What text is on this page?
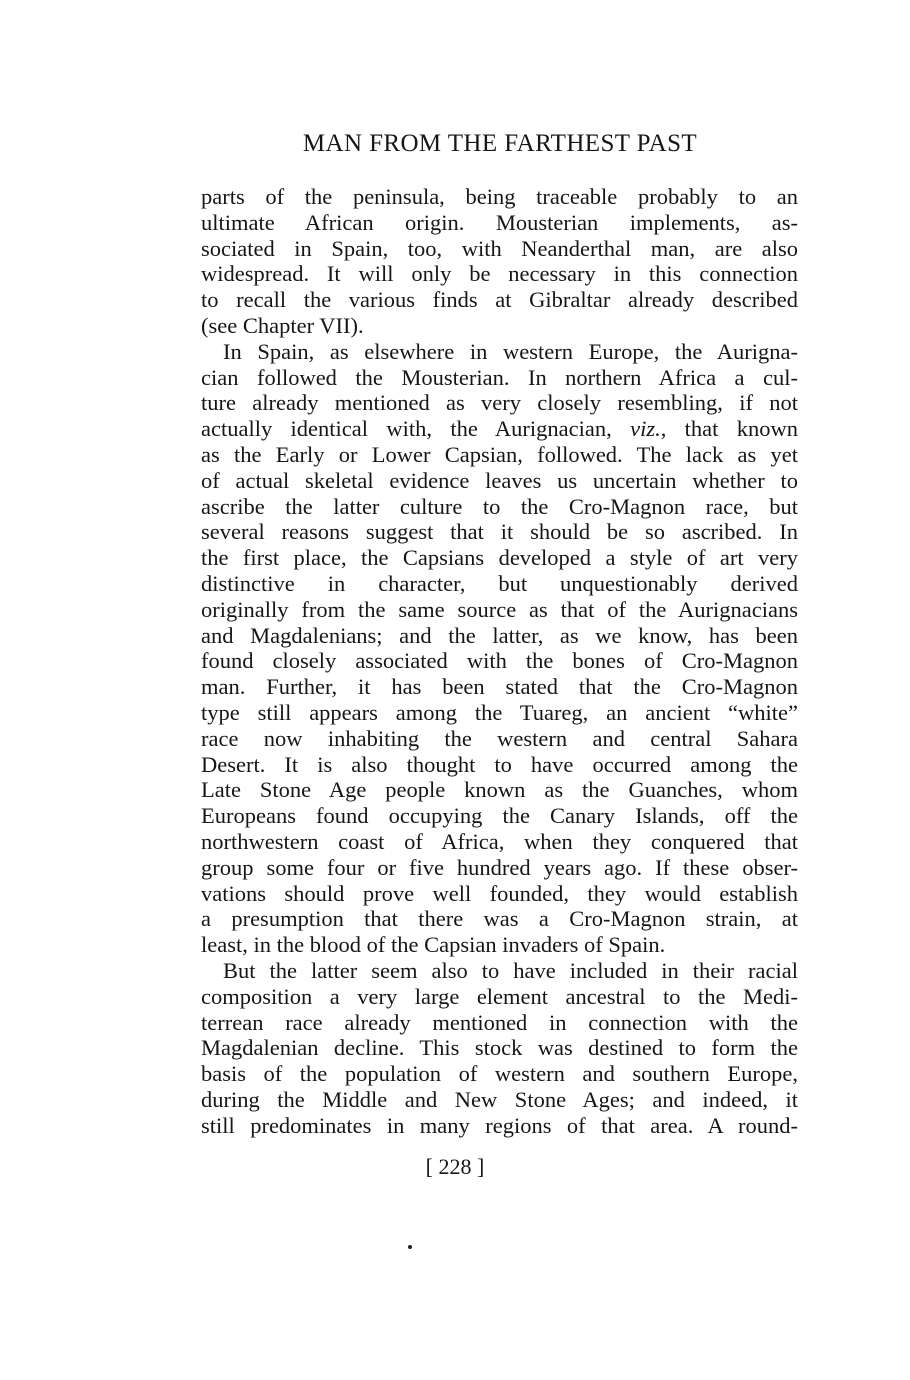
MAN FROM THE FARTHEST PAST

parts of the peninsula, being traceable probably to an
ultimate African origin. Mousterian implements, as-
sociated in Spain, too, with Neanderthal man, are also
widespread. It will only be necessary in this connection
to recall the various finds at Gibraltar already described
(see Chapter VII).

In Spain, as elsewhere in western Europe, the Aurigna-
cian followed the Mousterian. In northern Africa a cul-
ture already mentioned as very closely resembling, if not
actually identical with, the Aurignacian, viz., that known
as the Early or Lower Capsian, followed. The lack as yet
of actual skeletal evidence leaves us uncertain whether to
ascribe the latter culture to the Cro-Magnon race, but
several reasons suggest that it should be so ascribed. In
the first place, the Capsians developed a style of art very
distinctive in character, but unquestionably derived
originally from the same source as that of the Aurignacians
and Magdalenians; and the latter, as we know, has been
found closely associated with the bones of Cro-Magnon
man. Further, it has been stated that the Cro-Magnon
type still appears among the Tuareg, an ancient “white”
race now inhabiting the western and central Sahara
Desert. It is also thought to have occurred among the
Late Stone Age people known as the Guanches, whom
Europeans found occupying the Canary Islands, off the
northwestern coast of Africa, when they conquered that
group some four or five hundred years ago. If these obser-
vations should prove well founded, they would establish
a presumption that there was a Cro-Magnon strain, at
least, in the blood of the Capsian invaders of Spain.

But the latter seem also to have included in their racial
composition a very large element ancestral to the Medi-
terrean race already mentioned in connection with the
Magdalenian decline. This stock was destined to form the
basis of the population of western and southern Europe,
during the Middle and New Stone Ages; and indeed, it
still predominates in many regions of that area. A round-

[ 228 ]
